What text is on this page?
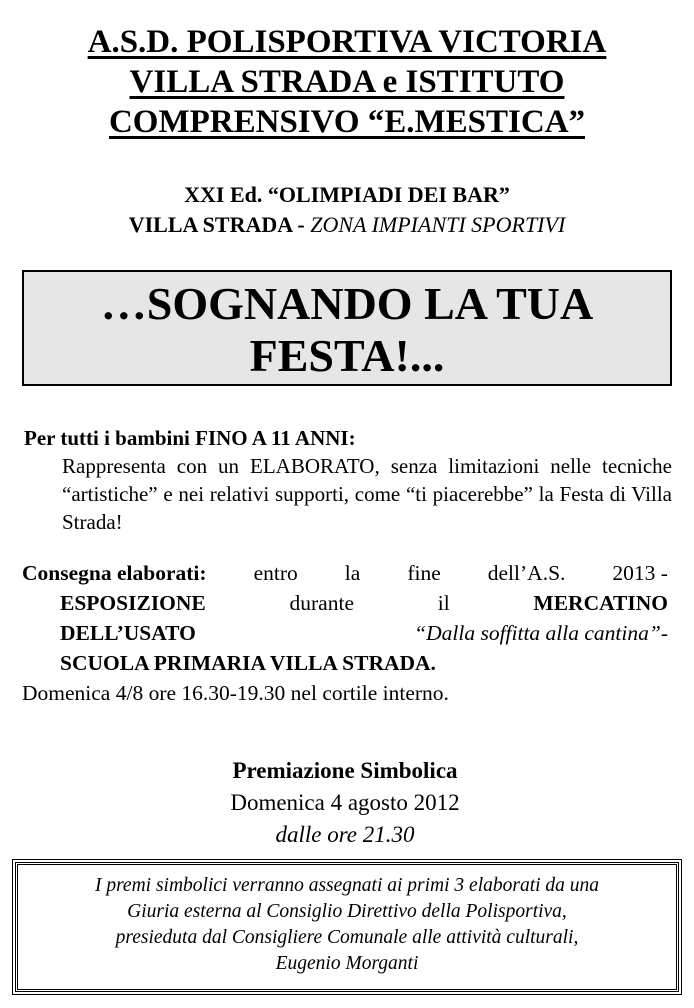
A.S.D. POLISPORTIVA VICTORIA
VILLA STRADA e ISTITUTO
COMPRENSIVO “E.MESTICA”
XXI Ed. “OLIMPIADI DEI BAR”
VILLA STRADA - ZONA IMPIANTI SPORTIVI
…SOGNANDO LA TUA
FESTA!...
Per tutti i bambini FINO A 11 ANNI:
Rappresenta con un ELABORATO, senza limitazioni nelle tecniche “artistiche” e nei relativi supporti, come “ti piacerebbe” la Festa di Villa Strada!
Consegna elaborati: entro la fine dell’A.S. 2013 -
ESPOSIZIONE	durante	il	MERCATINO
DELL’USATO	“Dalla soffitta alla cantina”-
SCUOLA PRIMARIA VILLA STRADA.
Domenica 4/8 ore 16.30-19.30 nel cortile interno.
Premiazione Simbolica
Domenica 4 agosto 2012
dalle ore 21.30
I premi simbolici verranno assegnati ai primi 3 elaborati da una
Giuria esterna al Consiglio Direttivo della Polisportiva,
presieduta dal Consigliere Comunale alle attività culturali,
Eugenio Morganti
